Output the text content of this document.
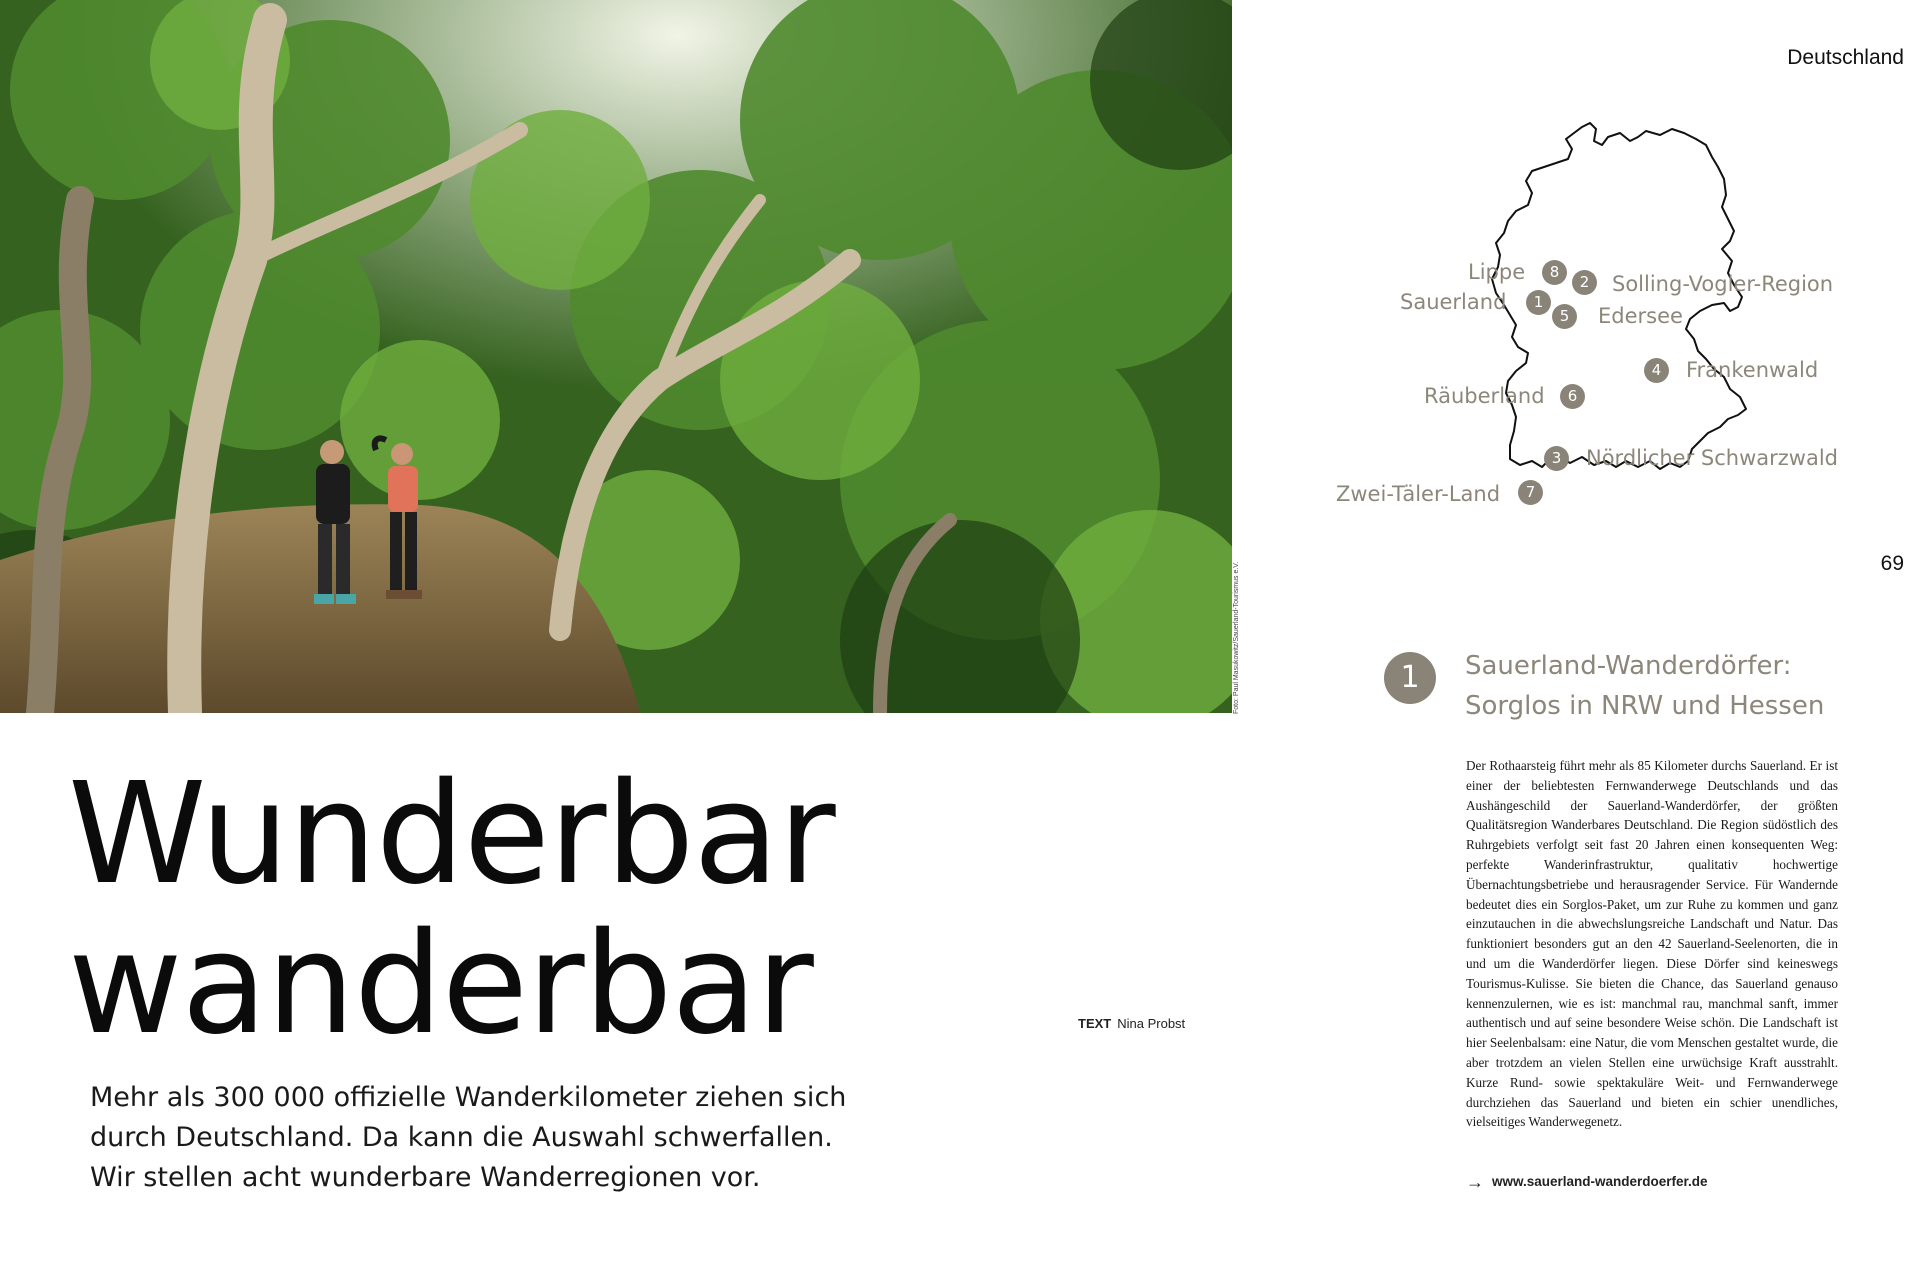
Foto: Paul Masukowitz/Sauerland-Tourismus e.V.
Wunderbar
wanderbar	TEXT Nina Probst
Mehr als 300 000 offizielle Wanderkilometer ziehen sich
durch Deutschland. Da kann die Auswahl schwerfallen.
Wir stellen acht wunderbare Wanderregionen vor.
Deutschland
69
Lippe	8
2	Solling-Vogler-Region
Sauerland	1
5	Edersee
4	Frankenwald
Räuberland	6
3	Nördlicher Schwarzwald
Zwei-Täler-Land	7
1	Sauerland-Wanderdörfer:
Sorglos in NRW und Hessen
Der Rothaarsteig führt mehr als 85 Kilometer durchs Sauerland. Er ist einer der beliebtesten Fernwanderwege Deutschlands und das Aushängeschild der Sauerland-Wanderdörfer, der größten Qualitätsregion Wanderbares Deutschland. Die Region südöstlich des Ruhrgebiets verfolgt seit fast 20 Jahren einen konsequenten Weg: perfekte Wanderinfrastruktur, qualitativ hochwertige Übernachtungsbetriebe und herausragender Service. Für Wandernde bedeutet dies ein Sorglos-Paket, um zur Ruhe zu kommen und ganz einzutauchen in die abwechslungsreiche Landschaft und Natur. Das funktioniert besonders gut an den 42 Sauerland-Seelenorten, die in und um die Wanderdörfer liegen. Diese Dörfer sind keineswegs Tourismus-Kulisse. Sie bieten die Chance, das Sauerland genauso kennenzulernen, wie es ist: manchmal rau, manchmal sanft, immer authentisch und auf seine besondere Weise schön. Die Landschaft ist hier Seelenbalsam: eine Natur, die vom Menschen gestaltet wurde, die aber trotzdem an vielen Stellen eine urwüchsige Kraft ausstrahlt. Kurze Rund- sowie spektakuläre Weit- und Fernwanderwege durchziehen das Sauerland und bieten ein schier unendliches, vielseitiges Wanderwegenetz.
→ www.sauerland-wanderdoerfer.de
